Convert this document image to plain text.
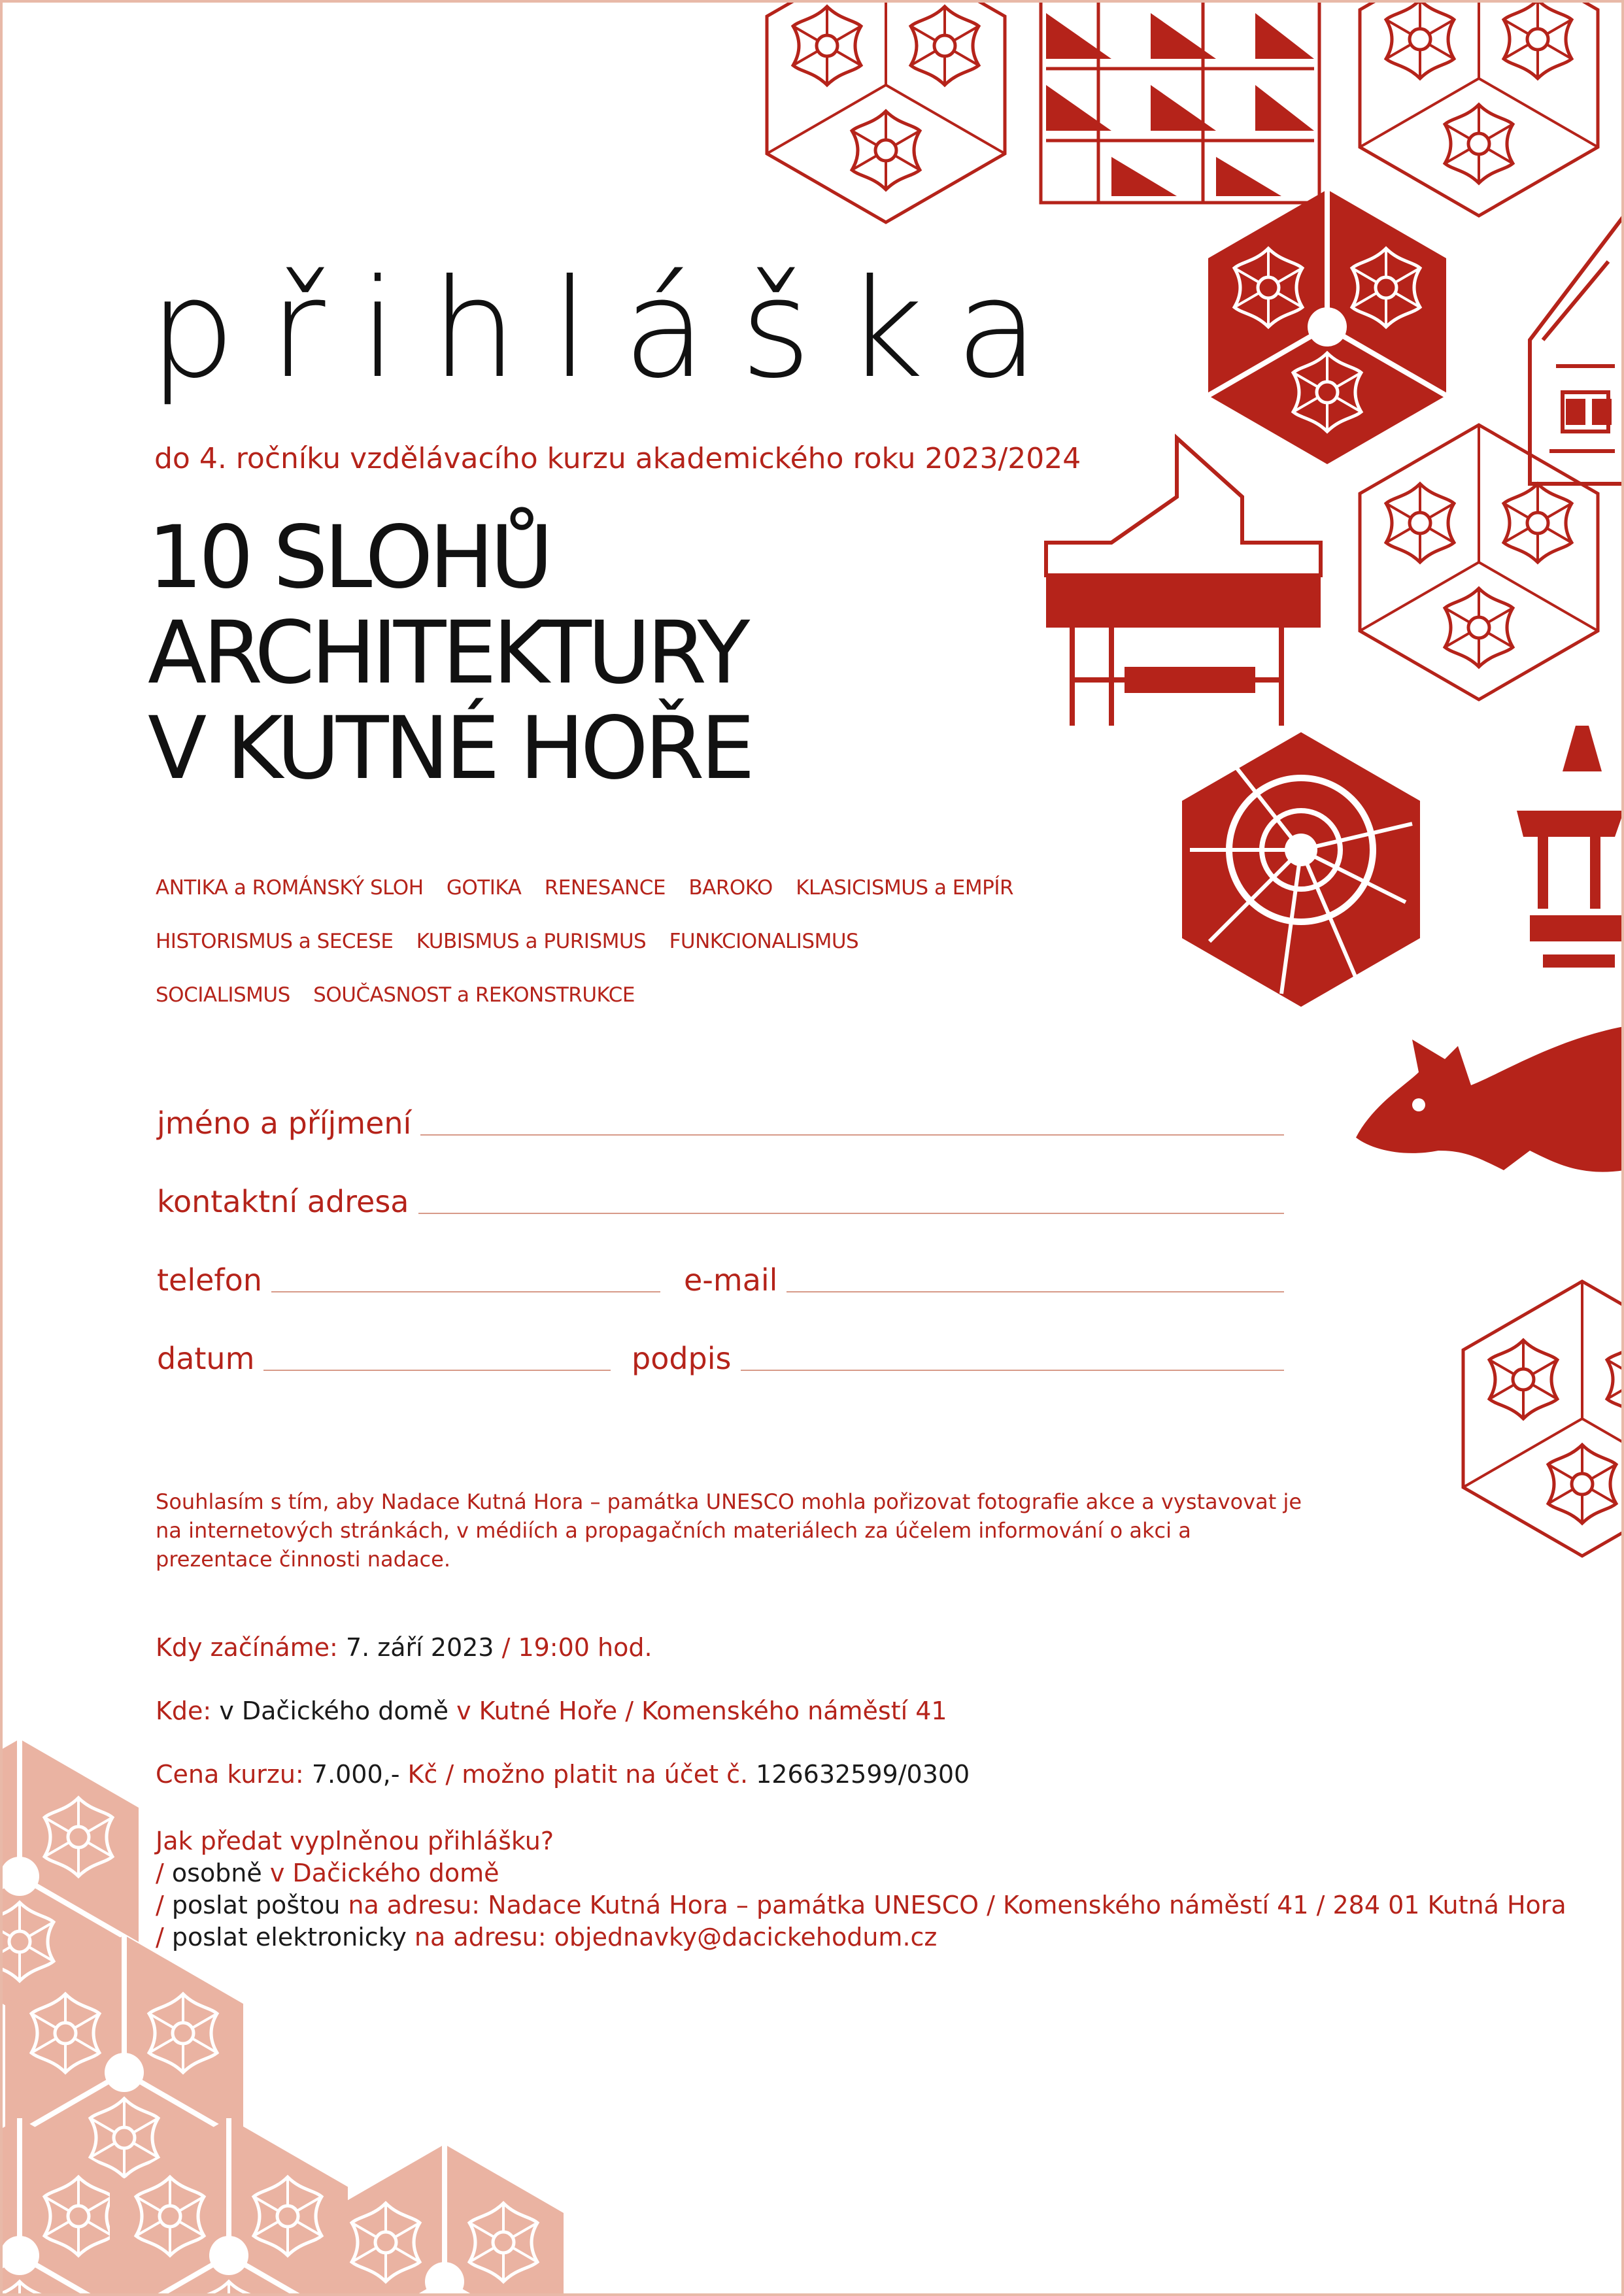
přihláška
do 4. ročníku vzdělávacího kurzu akademického roku 2023/2024
10 SLOHŮ
ARCHITEKTURY
V KUTNÉ HOŘE
ANTIKA a ROMÁNSKÝ SLOH GOTIKA RENESANCE BAROKO KLASICISMUS a EMPÍR
HISTORISMUS a SECESE KUBISMUS a PURISMUS FUNKCIONALISMUS
SOCIALISMUS SOUČASNOST a REKONSTRUKCE
jméno a příjmení
kontaktní adresa
telefon	e-mail
datum	podpis
Souhlasím s tím, aby Nadace Kutná Hora – památka UNESCO mohla pořizovat fotografie akce a vystavovat je na internetových stránkách, v médiích a propagačních materiálech za účelem informování o akci a prezentace činnosti nadace.
Kdy začínáme: 7. září 2023 / 19:00 hod.
Kde: v Dačického domě v Kutné Hoře / Komenského náměstí 41
Cena kurzu: 7.000,- Kč / možno platit na účet č. 126632599/0300
Jak předat vyplněnou přihlášku?
/ osobně v Dačického domě
/ poslat poštou na adresu: Nadace Kutná Hora – památka UNESCO / Komenského náměstí 41 / 284 01 Kutná Hora
/ poslat elektronicky na adresu: objednavky@dacickehodum.cz
